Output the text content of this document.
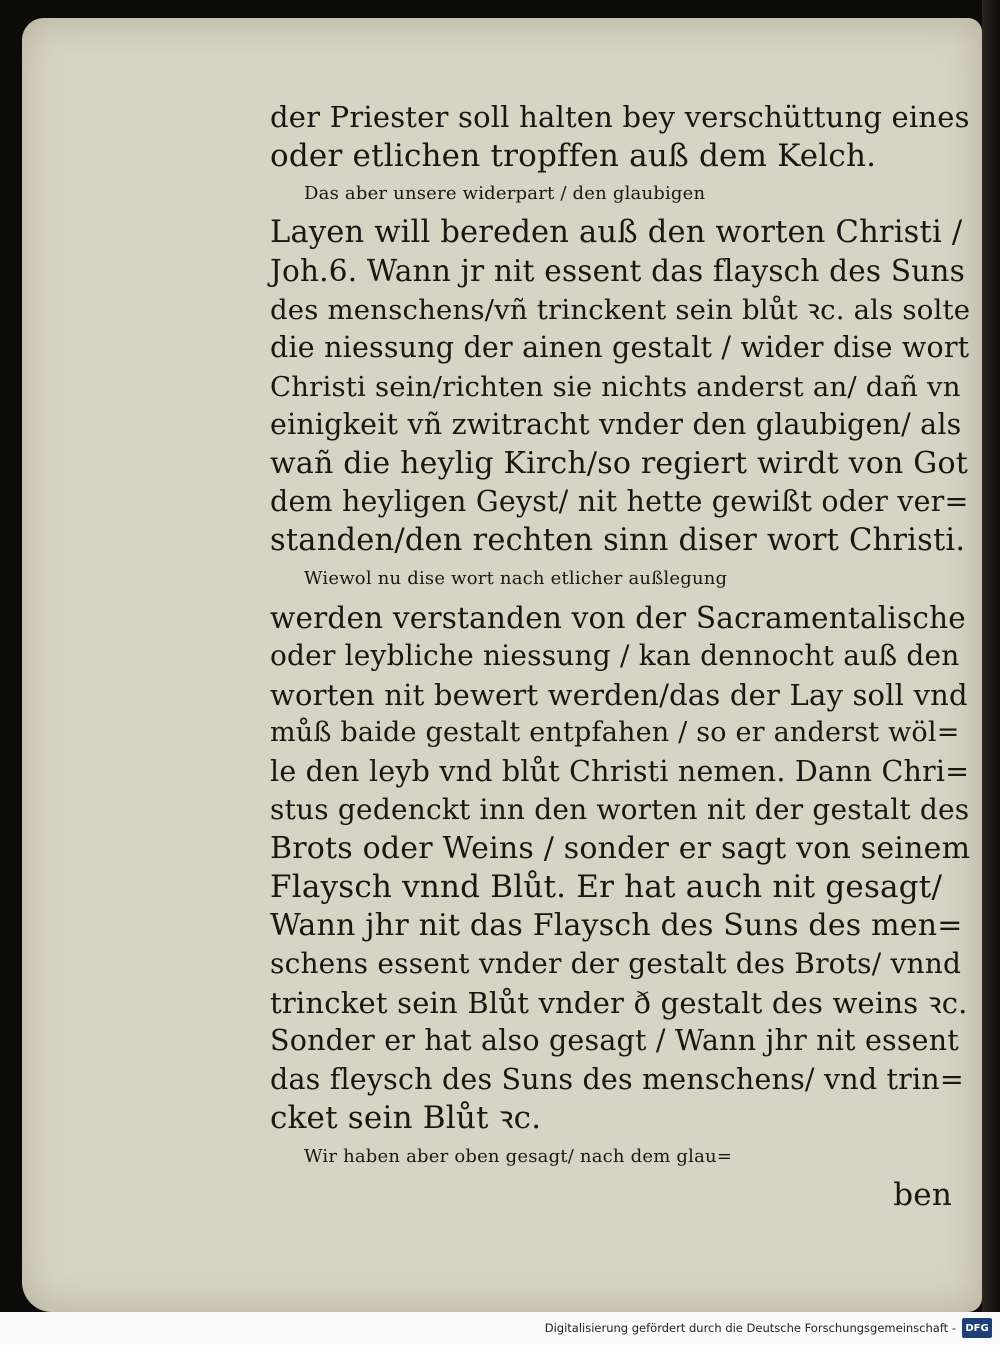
der Priester soll halten bey verschüttung eines
oder etlichen tropffen auß dem Kelch.
Das aber unsere widerpart / den glaubigen
Layen will bereden auß den worten Christi /
Joh.6. Wann jr nit essent das flaysch des Suns
des menschens/vñ trinckent sein blůt ꝛc. als solte
die niessung der ainen gestalt / wider dise wort
Christi sein/richten sie nichts anderst an/ dañ vn
einigkeit vñ zwitracht vnder den glaubigen/ als
wañ die heylig Kirch/so regiert wirdt von Got
dem heyligen Geyst/ nit hette gewißt oder ver=
standen/den rechten sinn diser wort Christi.
Wiewol nu dise wort nach etlicher außlegung
werden verstanden von der Sacramentalische
oder leybliche niessung / kan dennocht auß den
worten nit bewert werden/das der Lay soll vnd
můß baide gestalt entpfahen / so er anderst wöl=
le den leyb vnd blůt Christi nemen. Dann Chri=
stus gedenckt inn den worten nit der gestalt des
Brots oder Weins / sonder er sagt von seinem
Flaysch vnnd Blůt. Er hat auch nit gesagt/
Wann jhr nit das Flaysch des Suns des men=
schens essent vnder der gestalt des Brots/ vnnd
trincket sein Blůt vnder ð gestalt des weins ꝛc.
Sonder er hat also gesagt / Wann jhr nit essent
das fleysch des Suns des menschens/ vnd trin=
cket sein Blůt ꝛc.
Wir haben aber oben gesagt/ nach dem glau=
ben
Digitalisierung gefördert durch die Deutsche Forschungsgemeinschaft - DFG
